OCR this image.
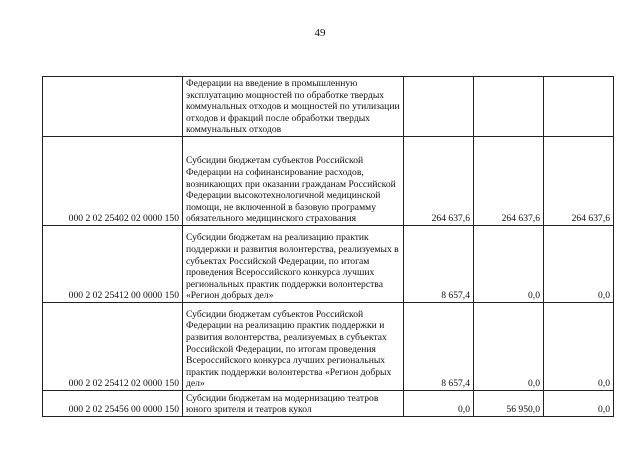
49
	Федерации на введение в промышленную эксплуатацию мощностей по обработке твердых коммунальных отходов и мощностей по утилизации отходов и фракций после обработки твердых коммунальных отходов			
000 2 02 25402 02 0000 150	Субсидии бюджетам субъектов Российской Федерации на софинансирование расходов, возникающих при оказании гражданам Российской Федерации высокотехнологичной медицинской помощи, не включенной в базовую программу обязательного медицинского страхования	264 637,6	264 637,6	264 637,6
000 2 02 25412 00 0000 150	Субсидии бюджетам на реализацию практик поддержки и развития волонтерства, реализуемых в субъектах Российской Федерации, по итогам проведения Всероссийского конкурса лучших региональных практик поддержки волонтерства «Регион добрых дел»	8 657,4	0,0	0,0
000 2 02 25412 02 0000 150	Субсидии бюджетам субъектов Российской Федерации на реализацию практик поддержки и развития волонтерства, реализуемых в субъектах Российской Федерации, по итогам проведения Всероссийского конкурса лучших региональных практик поддержки волонтерства «Регион добрых дел»	8 657,4	0,0	0,0
000 2 02 25456 00 0000 150	Субсидии бюджетам на модернизацию театров юного зрителя и театров кукол	0,0	56 950,0	0,0
